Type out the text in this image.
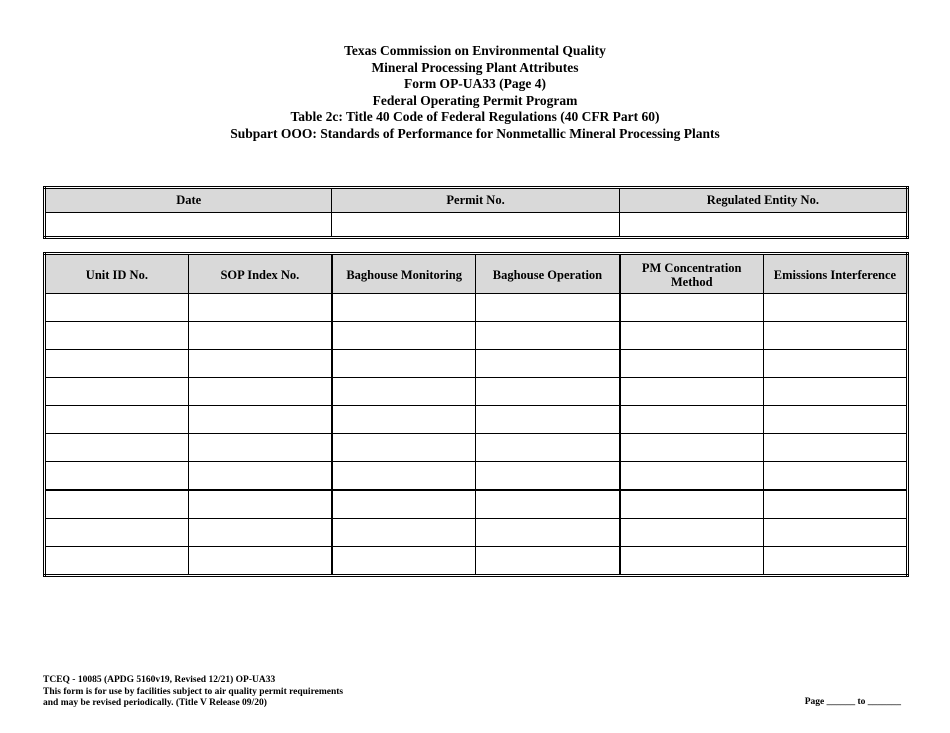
Texas Commission on Environmental Quality
Mineral Processing Plant Attributes
Form OP-UA33 (Page 4)
Federal Operating Permit Program
Table 2c: Title 40 Code of Federal Regulations (40 CFR Part 60)
Subpart OOO: Standards of Performance for Nonmetallic Mineral Processing Plants
Date	Permit No.	Regulated Entity No.

Unit ID No.	SOP Index No.	Baghouse Monitoring	Baghouse Operation	PM Concentration Method	Emissions Interference

TCEQ - 10085 (APDG 5160v19, Revised 12/21) OP-UA33
This form is for use by facilities subject to air quality permit requirements
and may be revised periodically. (Title V Release 09/20)	Page ______ to _______
